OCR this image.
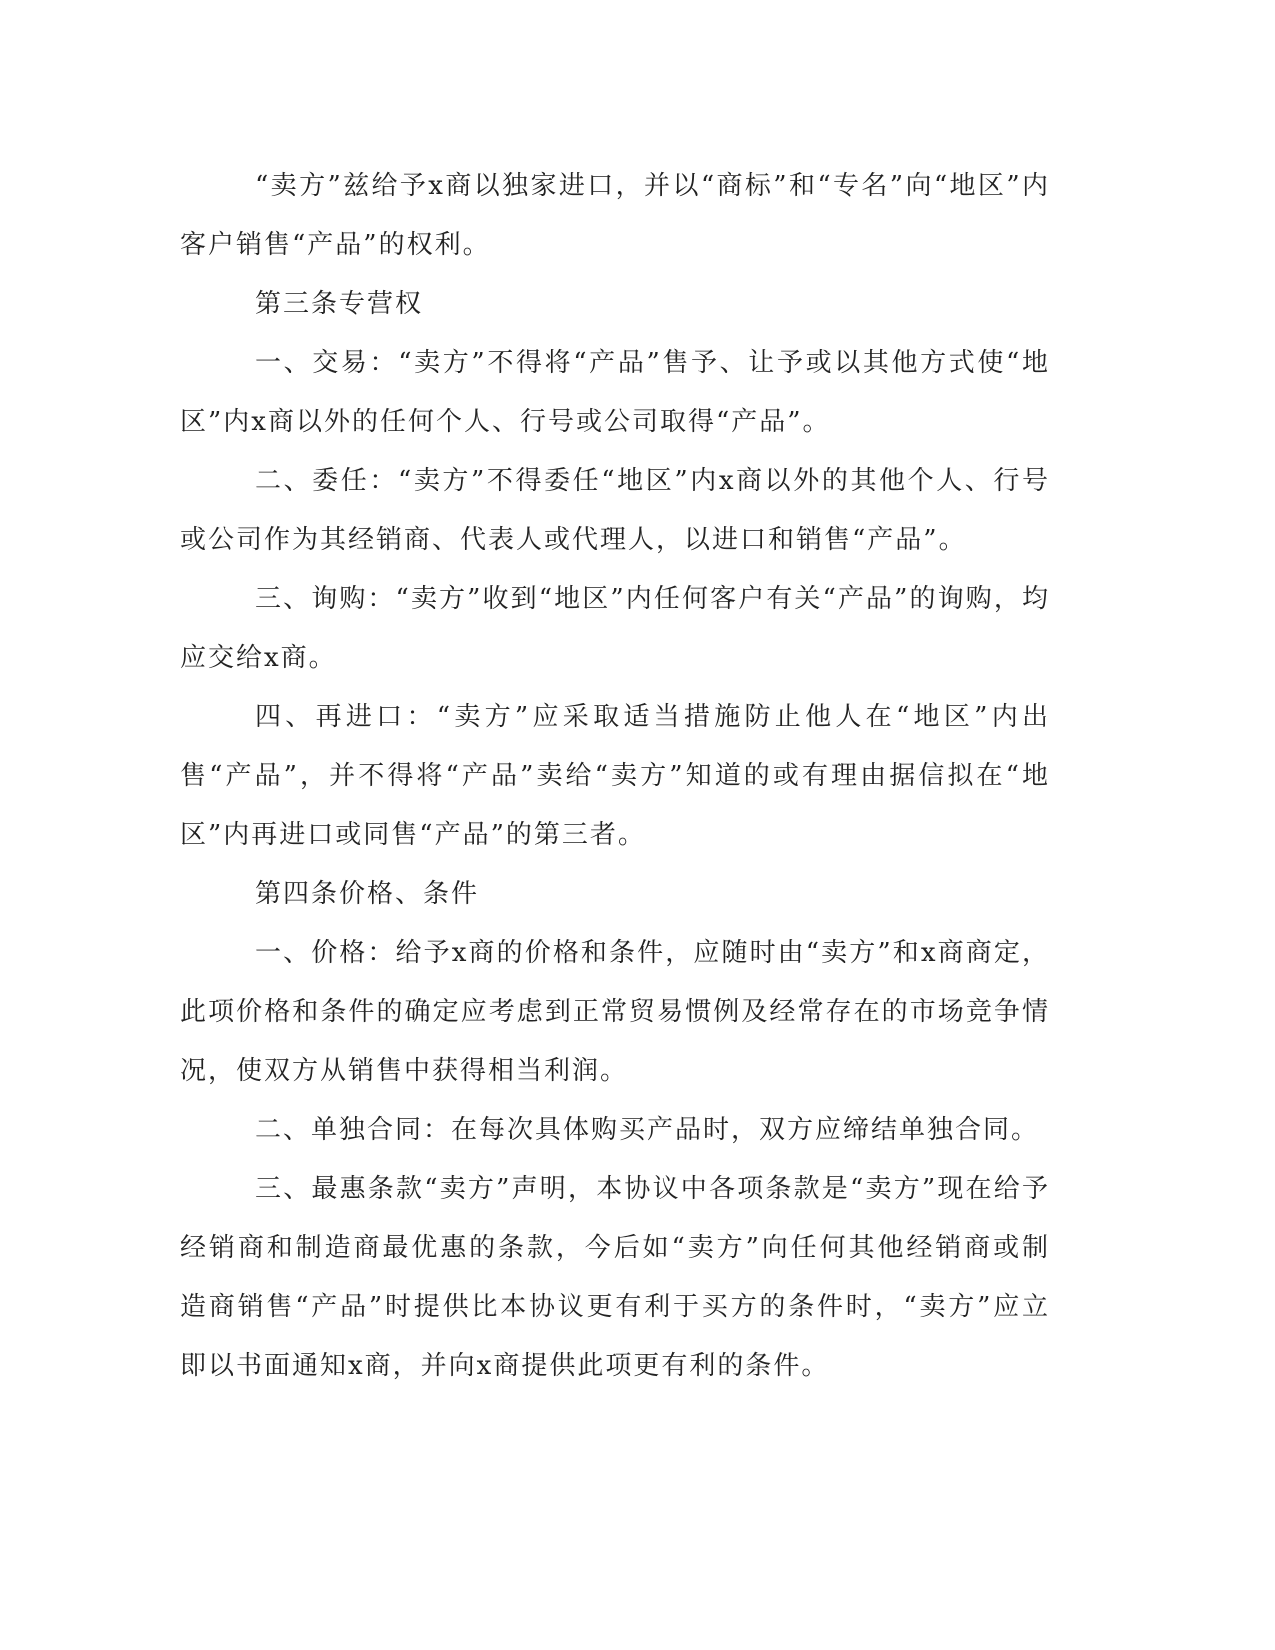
“卖方”兹给予x商以独家进口，并以“商标”和“专名”向“地区”内客户销售“产品”的权利。

第三条专营权

一、交易：“卖方”不得将“产品”售予、让予或以其他方式使“地区”内x商以外的任何个人、行号或公司取得“产品”。

二、委任：“卖方”不得委任“地区”内x商以外的其他个人、行号或公司作为其经销商、代表人或代理人，以进口和销售“产品”。

三、询购：“卖方”收到“地区”内任何客户有关“产品”的询购，均应交给x商。

四、再进口：“卖方”应采取适当措施防止他人在“地区”内出售“产品”，并不得将“产品”卖给“卖方”知道的或有理由据信拟在“地区”内再进口或同售“产品”的第三者。

第四条价格、条件

一、价格：给予x商的价格和条件，应随时由“卖方”和x商商定，此项价格和条件的确定应考虑到正常贸易惯例及经常存在的市场竞争情况，使双方从销售中获得相当利润。

二、单独合同：在每次具体购买产品时，双方应缔结单独合同。

三、最惠条款“卖方”声明，本协议中各项条款是“卖方”现在给予经销商和制造商最优惠的条款，今后如“卖方”向任何其他经销商或制造商销售“产品”时提供比本协议更有利于买方的条件时，“卖方”应立即以书面通知x商，并向x商提供此项更有利的条件。
